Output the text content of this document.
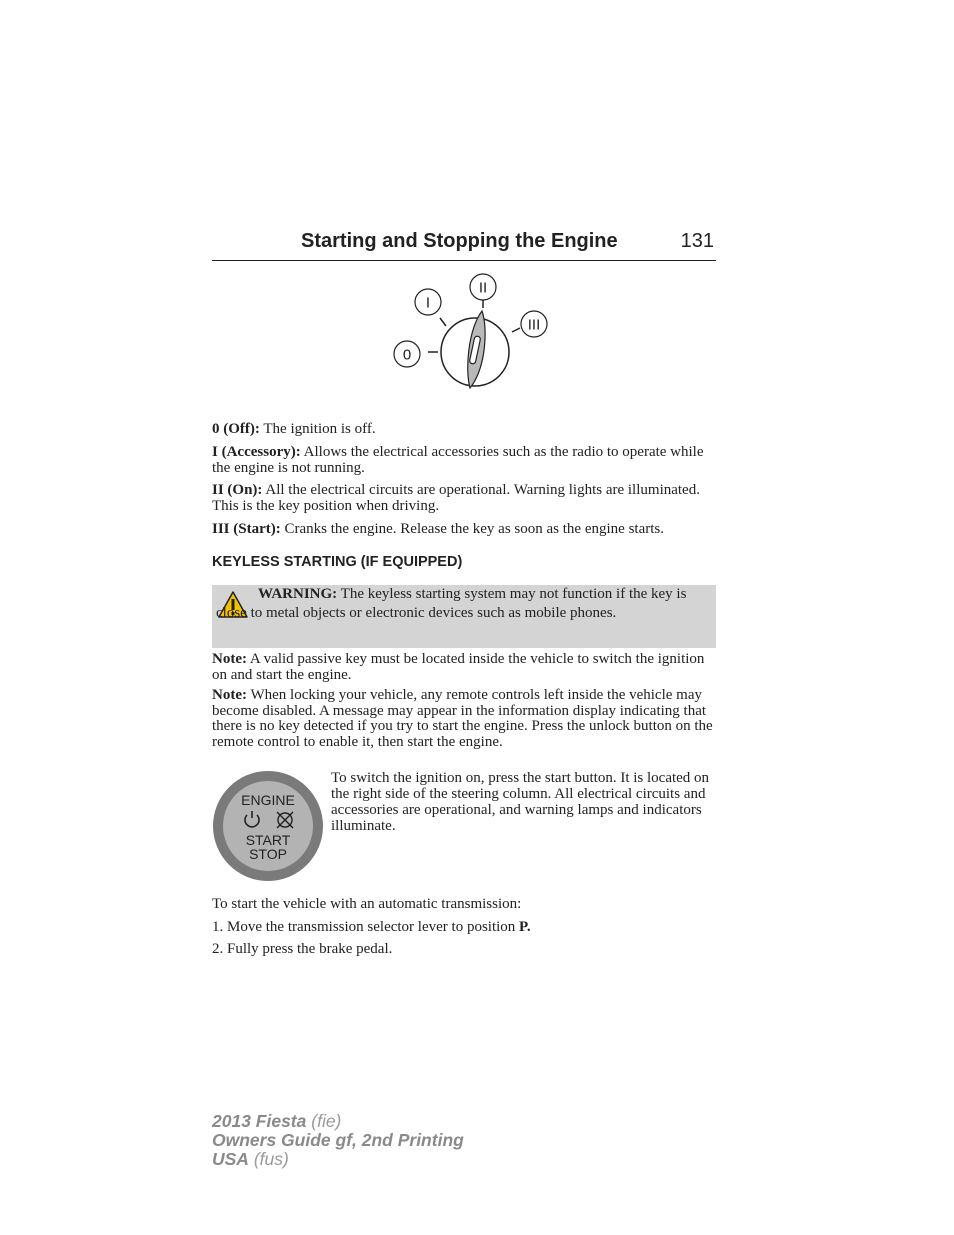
Starting and Stopping the Engine	131
0
I
II
III
0 (Off): The ignition is off.
I (Accessory): Allows the electrical accessories such as the radio to operate while the engine is not running.
II (On): All the electrical circuits are operational. Warning lights are illuminated. This is the key position when driving.
III (Start): Cranks the engine. Release the key as soon as the engine starts.
KEYLESS STARTING (IF EQUIPPED)
WARNING: The keyless starting system may not function if the key is close to metal objects or electronic devices such as mobile phones.
Note: A valid passive key must be located inside the vehicle to switch the ignition on and start the engine.
Note: When locking your vehicle, any remote controls left inside the vehicle may become disabled. A message may appear in the information display indicating that there is no key detected if you try to start the engine. Press the unlock button on the remote control to enable it, then start the engine.
ENGINE
START
STOP
To switch the ignition on, press the start button. It is located on the right side of the steering column. All electrical circuits and accessories are operational, and warning lamps and indicators illuminate.
To start the vehicle with an automatic transmission:
1. Move the transmission selector lever to position P.
2. Fully press the brake pedal.
2013 Fiesta (fie)
Owners Guide gf, 2nd Printing
USA (fus)
